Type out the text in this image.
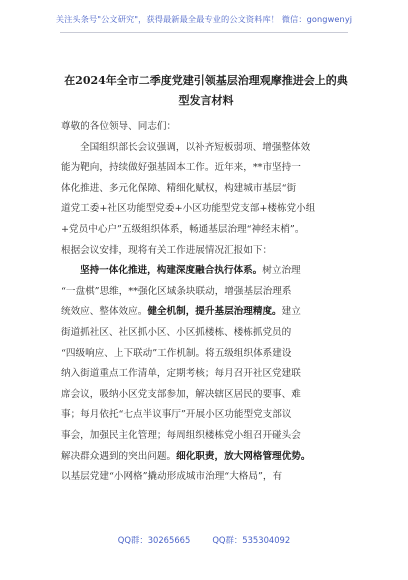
关注头条号"公文研究"，获得最新最全最专业的公文资料库！ 微信：gongwenyj
在2024年全市二季度党建引领基层治理观摩推进会上的典
型发言材料
尊敬的各位领导、同志们：
全国组织部长会议强调，以补齐短板弱项、增强整体效
能为靶向，持续做好强基固本工作。近年来，**市坚持一
体化推进、多元化保障、精细化赋权，构建城市基层“街
道党工委+社区功能型党委+小区功能型党支部+楼栋党小组
+党员中心户”五级组织体系，畅通基层治理“神经末梢”。
根据会议安排，现将有关工作进展情况汇报如下：
坚持一体化推进，构建深度融合执行体系。树立治理
“一盘棋”思维，**强化区域条块联动，增强基层治理系
统效应、整体效应。健全机制，提升基层治理精度。建立
街道抓社区、社区抓小区、小区抓楼栋、楼栋抓党员的
“四级响应、上下联动”工作机制。将五级组织体系建设
纳入街道重点工作清单，定期考核；每月召开社区党建联
席会议，吸纳小区党支部参加，解决辖区居民的要事、难
事；每月依托“七点半议事厅”开展小区功能型党支部议
事会，加强民主化管理；每周组织楼栋党小组召开碰头会
解决群众遇到的突出问题。细化职责，放大网格管理优势。
以基层党建“小网格”撬动形成城市治理“大格局”，有
QQ群：30265665	QQ群：535304092
